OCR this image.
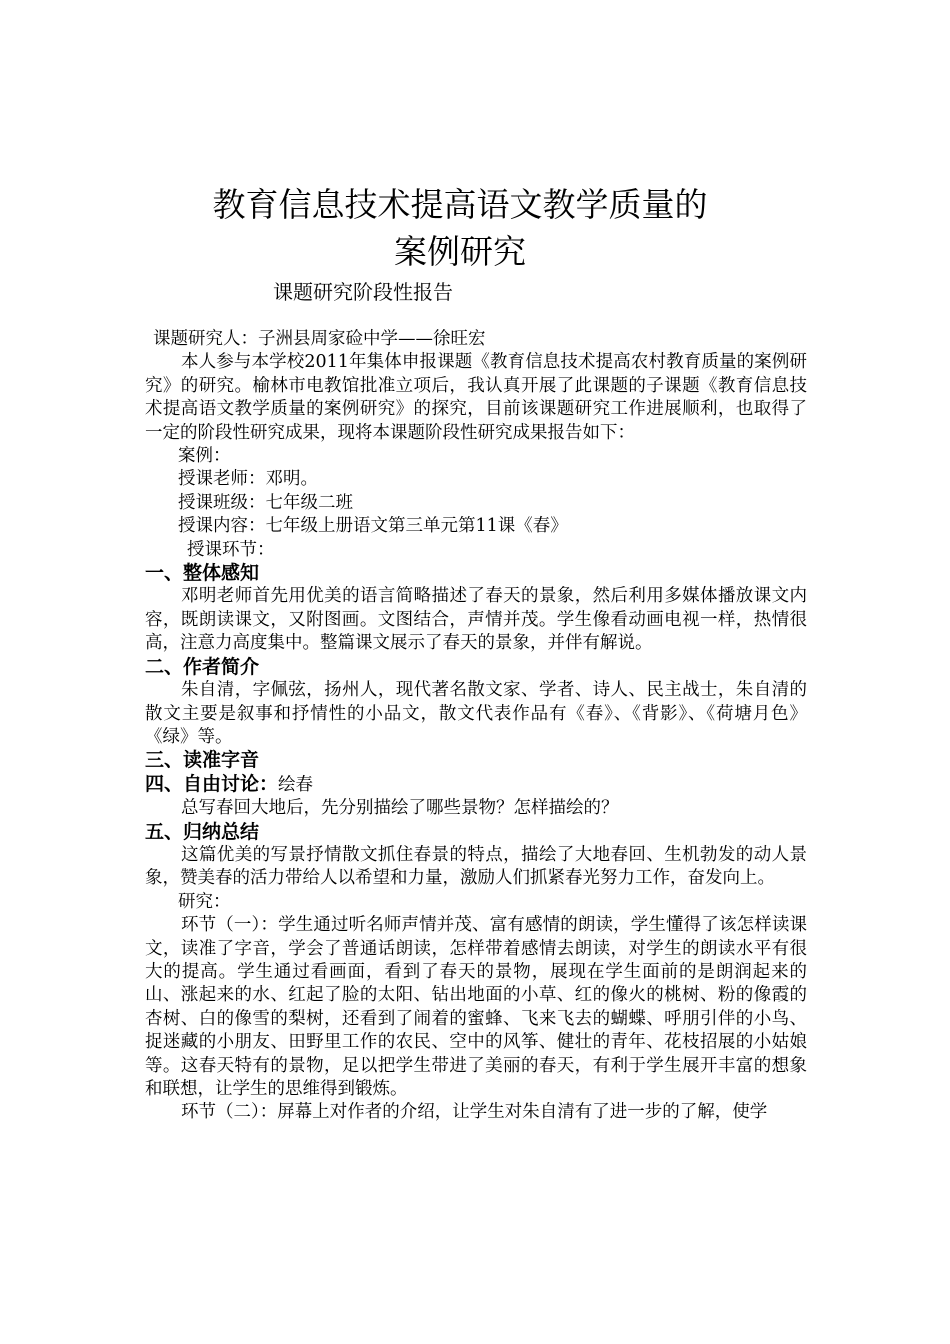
教育信息技术提高语文教学质量的
案例研究
课题研究阶段性报告

课题研究人：子洲县周家硷中学——徐旺宏

本人参与本学校2011年集体申报课题《教育信息技术提高农村教育质量的案例研究》的研究。榆林市电教馆批准立项后，我认真开展了此课题的子课题《教育信息技术提高语文教学质量的案例研究》的探究，目前该课题研究工作进展顺利，也取得了一定的阶段性研究成果，现将本课题阶段性研究成果报告如下：

案例：

授课老师：邓明。

授课班级：七年级二班

授课内容：七年级上册语文第三单元第11课《春》

授课环节：

一、整体感知

邓明老师首先用优美的语言简略描述了春天的景象，然后利用多媒体播放课文内容，既朗读课文，又附图画。文图结合，声情并茂。学生像看动画电视一样，热情很高，注意力高度集中。整篇课文展示了春天的景象，并伴有解说。

二、作者简介

朱自清，字佩弦，扬州人，现代著名散文家、学者、诗人、民主战士，朱自清的散文主要是叙事和抒情性的小品文，散文代表作品有《春》、《背影》、《荷塘月色》《绿》等。

三、读准字音
四、自由讨论：绘春

总写春回大地后，先分别描绘了哪些景物？怎样描绘的？

五、归纳总结

这篇优美的写景抒情散文抓住春景的特点，描绘了大地春回、生机勃发的动人景象，赞美春的活力带给人以希望和力量，激励人们抓紧春光努力工作，奋发向上。

研究：

环节（一）：学生通过听名师声情并茂、富有感情的朗读，学生懂得了该怎样读课文，读准了字音，学会了普通话朗读，怎样带着感情去朗读，对学生的朗读水平有很大的提高。学生通过看画面，看到了春天的景物，展现在学生面前的是朗润起来的山、涨起来的水、红起了脸的太阳、钻出地面的小草、红的像火的桃树、粉的像霞的杏树、白的像雪的梨树，还看到了闹着的蜜蜂、飞来飞去的蝴蝶、呼朋引伴的小鸟、捉迷藏的小朋友、田野里工作的农民、空中的风筝、健壮的青年、花枝招展的小姑娘等。这春天特有的景物，足以把学生带进了美丽的春天，有利于学生展开丰富的想象和联想，让学生的思维得到锻炼。

环节（二）：屏幕上对作者的介绍，让学生对朱自清有了进一步的了解，使学
